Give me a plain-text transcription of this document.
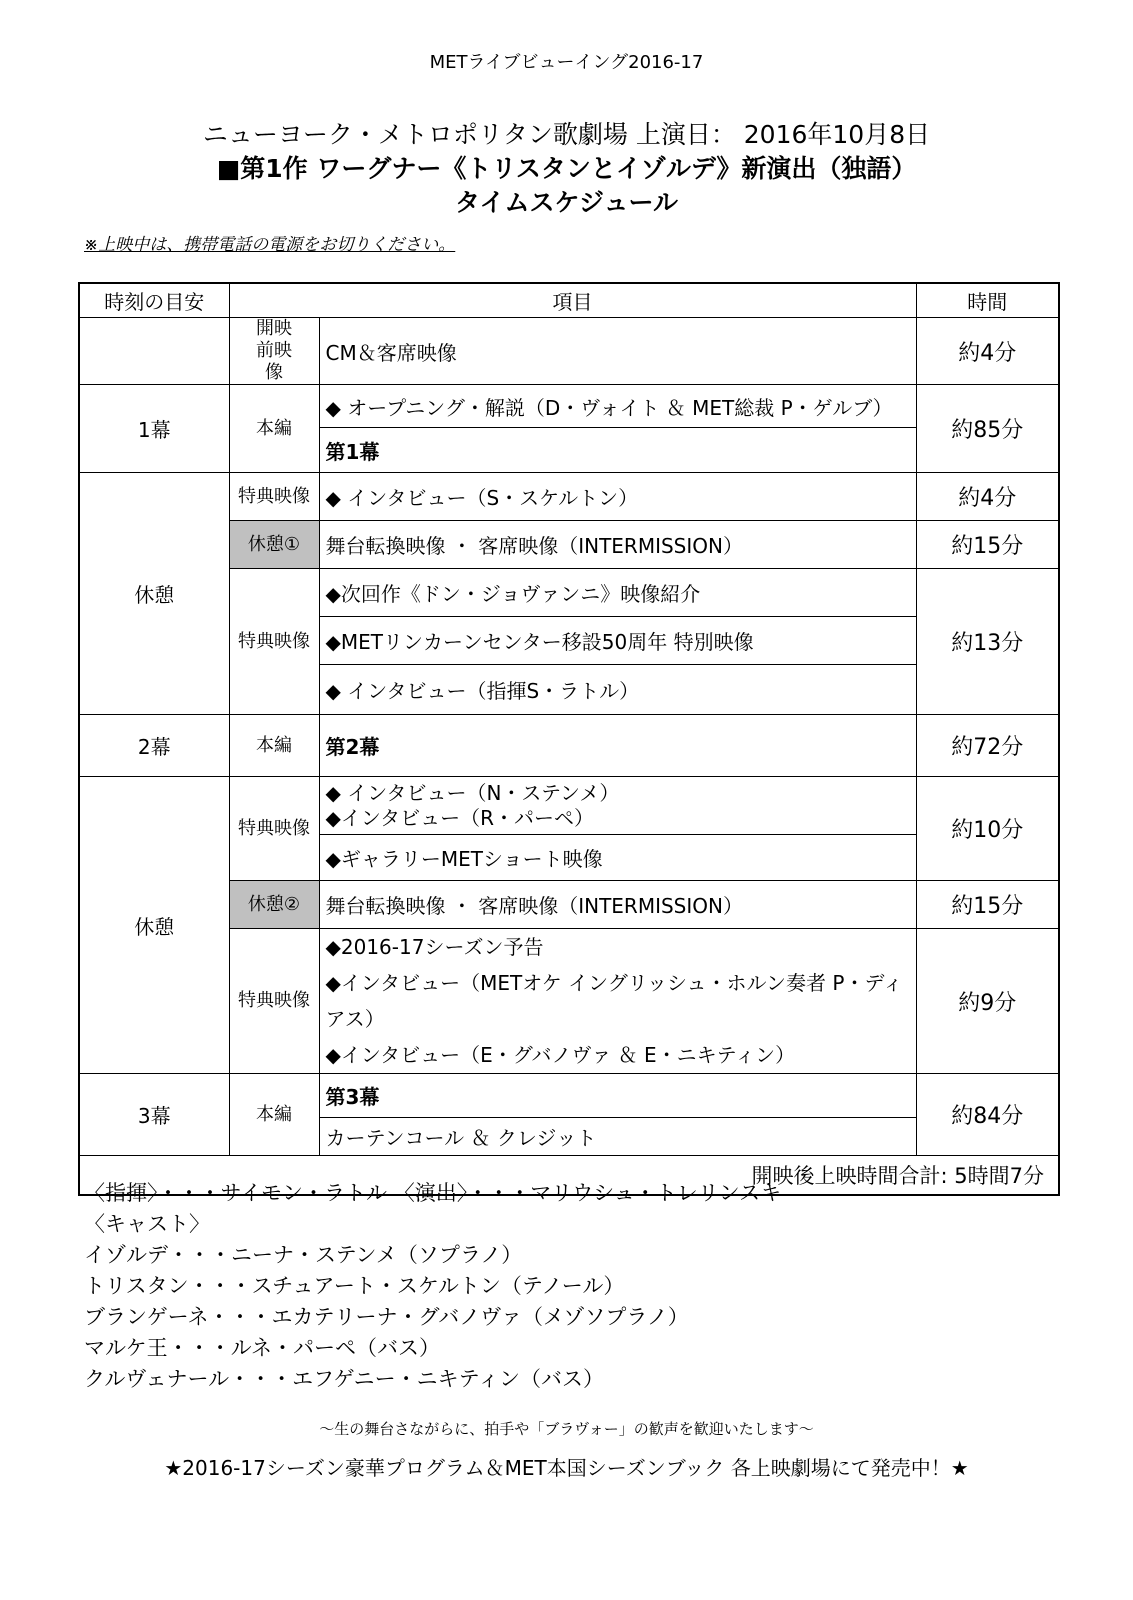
METライブビューイング2016-17
ニューヨーク・メトロポリタン歌劇場 上演日： 2016年10月8日
■第1作 ワーグナー《トリスタンとイゾルデ》新演出（独語）
タイムスケジュール
※上映中は、携帯電話の電源をお切りください。
時刻の目安	項目		時間

	開映前映像	CM＆客席映像	約4分
1幕	本編	◆ オープニング・解説（D・ヴォイト ＆ MET総裁 P・ゲルブ）	約85分
		第1幕	
休憩	特典映像	◆ インタビュー（S・スケルトン）	約4分
	休憩①	舞台転換映像 ・ 客席映像（INTERMISSION）	約15分
	特典映像	◆次回作《ドン・ジョヴァンニ》映像紹介	約13分
		◆METリンカーンセンター移設50周年 特別映像	
		◆ インタビュー（指揮S・ラトル）	
2幕	本編	第2幕	約72分
休憩	特典映像	◆ インタビュー（N・ステンメ）
◆インタビュー（R・パーペ）	約10分
		◆ギャラリーMETショート映像	
	休憩②	舞台転換映像 ・ 客席映像（INTERMISSION）	約15分
	特典映像	◆2016-17シーズン予告
◆インタビュー（METオケ イングリッシュ・ホルン奏者 P・ディアス）
◆インタビュー（E・グバノヴァ ＆ E・ニキティン）	約9分
3幕	本編	第3幕	約84分
		カーテンコール ＆ クレジット	
開映後上映時間合計: 5時間7分			
〈指揮〉・・・サイモン・ラトル 〈演出〉・・・マリウシュ・トレリンスキ
〈キャスト〉
イゾルデ・・・ニーナ・ステンメ（ソプラノ）
トリスタン・・・スチュアート・スケルトン（テノール）
ブランゲーネ・・・エカテリーナ・グバノヴァ（メゾソプラノ）
マルケ王・・・ルネ・パーペ（バス）
クルヴェナール・・・エフゲニー・ニキティン（バス）
～生の舞台さながらに、拍手や「ブラヴォー」の歓声を歓迎いたします～
★2016-17シーズン豪華プログラム＆MET本国シーズンブック 各上映劇場にて発売中！★
